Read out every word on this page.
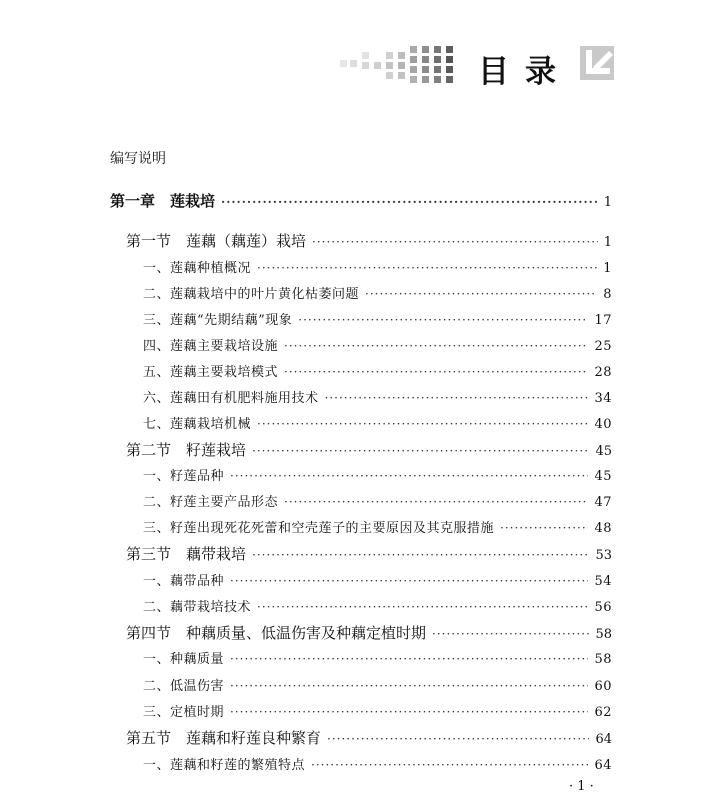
目录
编写说明
第一章　莲栽培 ·····	1
第一节　莲藕（藕莲）栽培 ·····	1
一、莲藕种植概况 ·····	1
二、莲藕栽培中的叶片黄化枯萎问题 ·····	8
三、莲藕“先期结藕”现象 ·····	17
四、莲藕主要栽培设施 ·····	25
五、莲藕主要栽培模式 ·····	28
六、莲藕田有机肥料施用技术 ·····	34
七、莲藕栽培机械 ·····	40
第二节　籽莲栽培 ·····	45
一、籽莲品种 ·····	45
二、籽莲主要产品形态 ·····	47
三、籽莲出现死花死蕾和空壳莲子的主要原因及其克服措施 ·····	48
第三节　藕带栽培 ·····	53
一、藕带品种 ·····	54
二、藕带栽培技术 ·····	56
第四节　种藕质量、低温伤害及种藕定植时期 ·····	58
一、种藕质量 ·····	58
二、低温伤害 ·····	60
三、定植时期 ·····	62
第五节　莲藕和籽莲良种繁育 ·····	64
一、莲藕和籽莲的繁殖特点 ·····	64
· 1 ·
